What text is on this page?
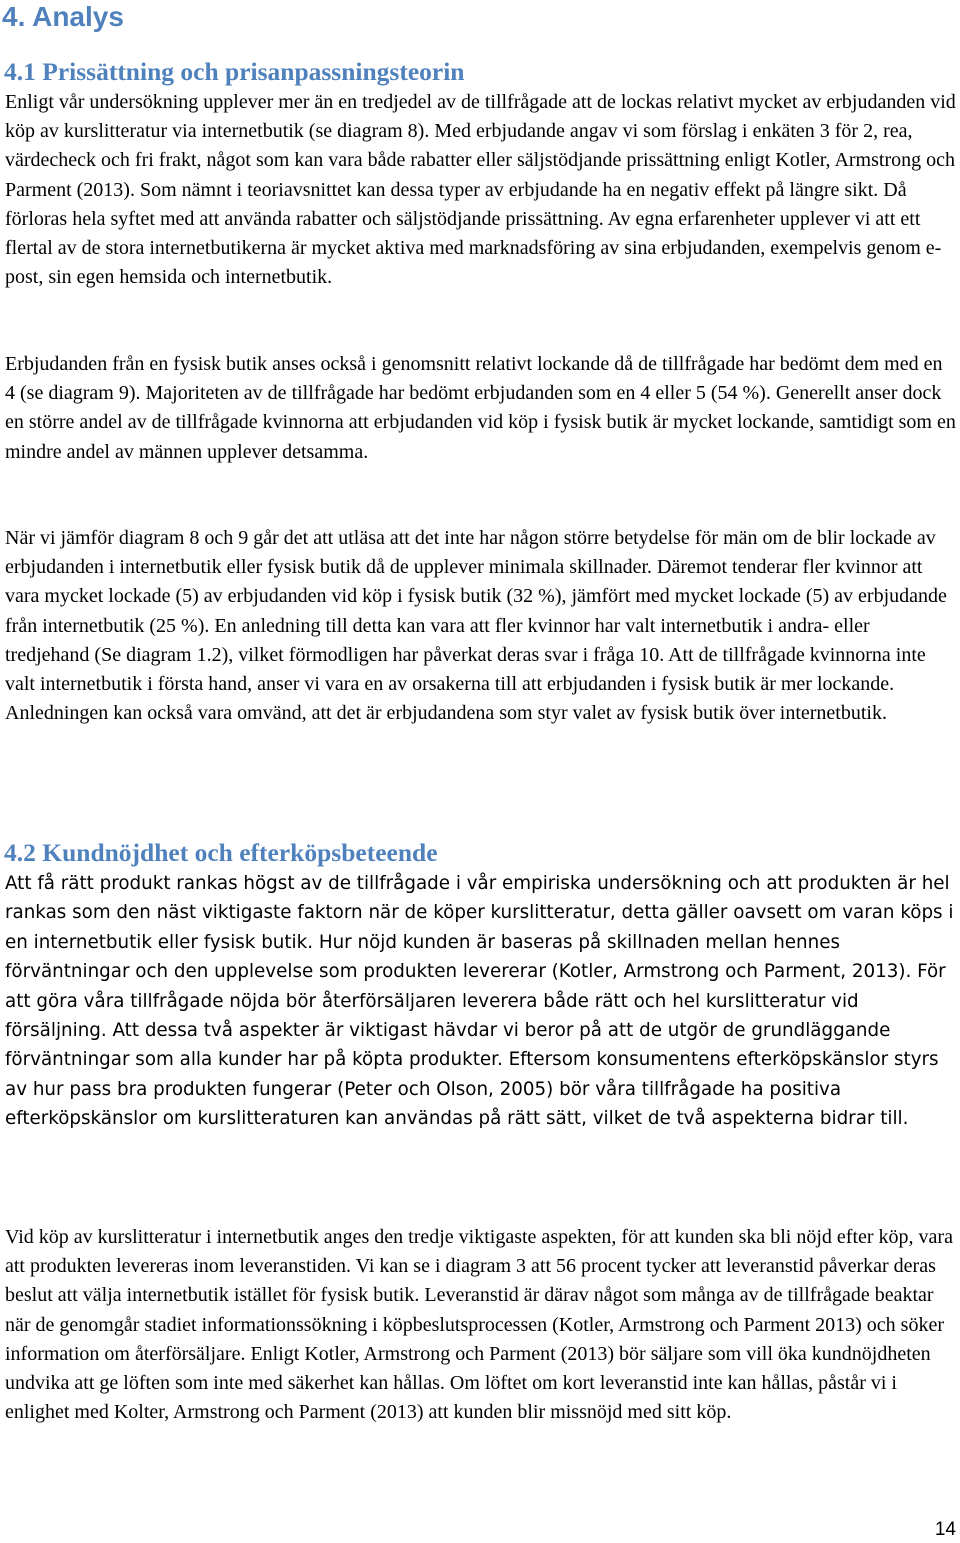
4. Analys
4.1 Prissättning och prisanpassningsteorin

Enligt vår undersökning upplever mer än en tredjedel av de tillfrågade att de lockas relativt mycket av erbjudanden vid köp av kurslitteratur via internetbutik (se diagram 8). Med erbjudande angav vi som förslag i enkäten 3 för 2, rea, värdecheck och fri frakt, något som kan vara både rabatter eller säljstödjande prissättning enligt Kotler, Armstrong och Parment (2013). Som nämnt i teoriavsnittet kan dessa typer av erbjudande ha en negativ effekt på längre sikt. Då förloras hela syftet med att använda rabatter och säljstödjande prissättning. Av egna erfarenheter upplever vi att ett flertal av de stora internetbutikerna är mycket aktiva med marknadsföring av sina erbjudanden, exempelvis genom e-post, sin egen hemsida och internetbutik.

Erbjudanden från en fysisk butik anses också i genomsnitt relativt lockande då de tillfrågade har bedömt dem med en 4 (se diagram 9). Majoriteten av de tillfrågade har bedömt erbjudanden som en 4 eller 5 (54 %). Generellt anser dock en större andel av de tillfrågade kvinnorna att erbjudanden vid köp i fysisk butik är mycket lockande, samtidigt som en mindre andel av männen upplever detsamma.

När vi jämför diagram 8 och 9 går det att utläsa att det inte har någon större betydelse för män om de blir lockade av erbjudanden i internetbutik eller fysisk butik då de upplever minimala skillnader. Däremot tenderar fler kvinnor att vara mycket lockade (5) av erbjudanden vid köp i fysisk butik (32 %), jämfört med mycket lockade (5) av erbjudande från internetbutik (25 %). En anledning till detta kan vara att fler kvinnor har valt internetbutik i andra- eller tredjehand (Se diagram 1.2), vilket förmodligen har påverkat deras svar i fråga 10. Att de tillfrågade kvinnorna inte valt internetbutik i första hand, anser vi vara en av orsakerna till att erbjudanden i fysisk butik är mer lockande. Anledningen kan också vara omvänd, att det är erbjudandena som styr valet av fysisk butik över internetbutik.

4.2 Kundnöjdhet och efterköpsbeteende

Att få rätt produkt rankas högst av de tillfrågade i vår empiriska undersökning och att produkten är hel rankas som den näst viktigaste faktorn när de köper kurslitteratur, detta gäller oavsett om varan köps i en internetbutik eller fysisk butik. Hur nöjd kunden är baseras på skillnaden mellan hennes förväntningar och den upplevelse som produkten levererar (Kotler, Armstrong och Parment, 2013). För att göra våra tillfrågade nöjda bör återförsäljaren leverera både rätt och hel kurslitteratur vid försäljning. Att dessa två aspekter är viktigast hävdar vi beror på att de utgör de grundläggande förväntningar som alla kunder har på köpta produkter. Eftersom konsumentens efterköpskänslor styrs av hur pass bra produkten fungerar (Peter och Olson, 2005) bör våra tillfrågade ha positiva efterköpskänslor om kurslitteraturen kan användas på rätt sätt, vilket de två aspekterna bidrar till.

Vid köp av kurslitteratur i internetbutik anges den tredje viktigaste aspekten, för att kunden ska bli nöjd efter köp, vara att produkten levereras inom leveranstiden. Vi kan se i diagram 3 att 56 procent tycker att leveranstid påverkar deras beslut att välja internetbutik istället för fysisk butik. Leveranstid är därav något som många av de tillfrågade beaktar när de genomgår stadiet informationssökning i köpbeslutsprocessen (Kotler, Armstrong och Parment 2013) och söker information om återförsäljare. Enligt Kotler, Armstrong och Parment (2013) bör säljare som vill öka kundnöjdheten undvika att ge löften som inte med säkerhet kan hållas. Om löftet om kort leveranstid inte kan hållas, påstår vi i enlighet med Kolter, Armstrong och Parment (2013) att kunden blir missnöjd med sitt köp.

14
